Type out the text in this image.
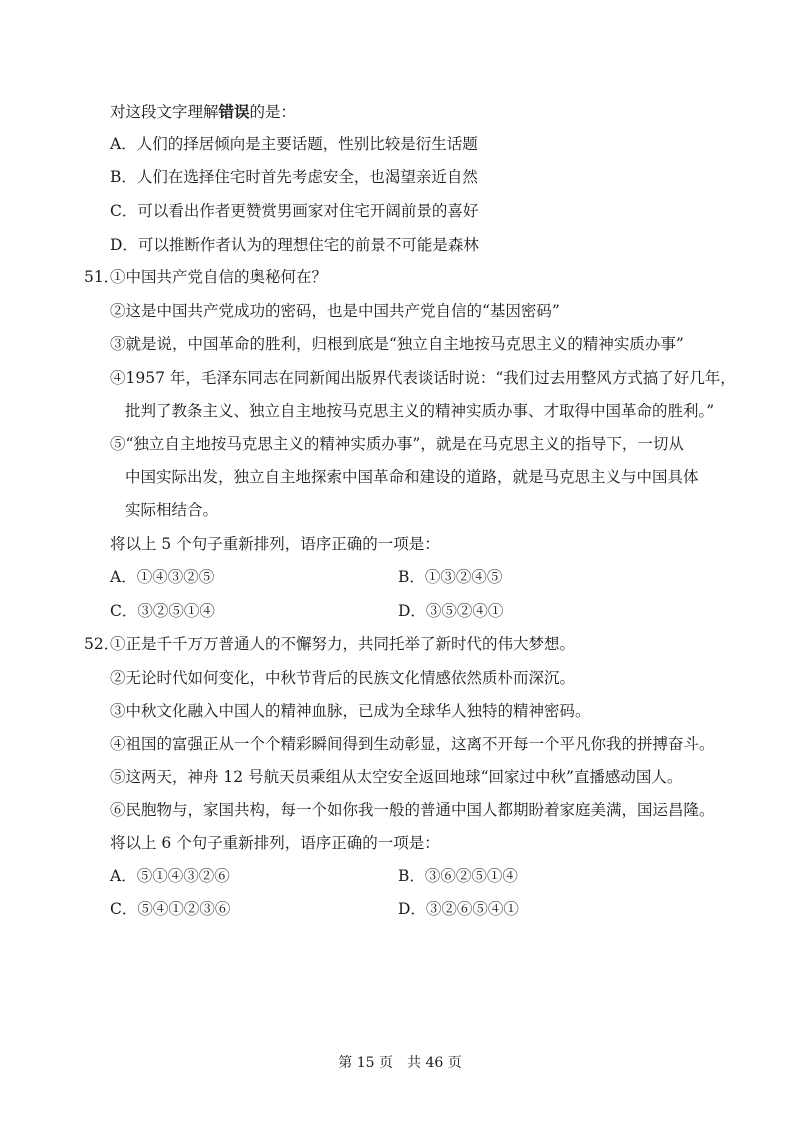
对这段文字理解错误的是：
A．人们的择居倾向是主要话题，性别比较是衍生话题
B．人们在选择住宅时首先考虑安全，也渴望亲近自然
C．可以看出作者更赞赏男画家对住宅开阔前景的喜好
D．可以推断作者认为的理想住宅的前景不可能是森林
51．
①中国共产党自信的奥秘何在？
②这是中国共产党成功的密码，也是中国共产党自信的“基因密码”
③就是说，中国革命的胜利，归根到底是“独立自主地按马克思主义的精神实质办事”
④1957 年，毛泽东同志在同新闻出版界代表谈话时说：“我们过去用整风方式搞了好几年，
批判了教条主义、独立自主地按马克思主义的精神实质办事、才取得中国革命的胜利。”
⑤“独立自主地按马克思主义的精神实质办事”，就是在马克思主义的指导下，一切从
中国实际出发，独立自主地探索中国革命和建设的道路，就是马克思主义与中国具体
实际相结合。
将以上 5 个句子重新排列，语序正确的一项是：
A．①④③②⑤	B．①③②④⑤
C．③②⑤①④	D．③⑤②④①
52．
①正是千千万万普通人的不懈努力，共同托举了新时代的伟大梦想。
②无论时代如何变化，中秋节背后的民族文化情感依然质朴而深沉。
③中秋文化融入中国人的精神血脉，已成为全球华人独特的精神密码。
④祖国的富强正从一个个精彩瞬间得到生动彰显，这离不开每一个平凡你我的拼搏奋斗。
⑤这两天，神舟 12 号航天员乘组从太空安全返回地球“回家过中秋”直播感动国人。
⑥民胞物与，家国共构，每一个如你我一般的普通中国人都期盼着家庭美满，国运昌隆。
将以上 6 个句子重新排列，语序正确的一项是：
A．⑤①④③②⑥	B．③⑥②⑤①④
C．⑤④①②③⑥	D．③②⑥⑤④①
第 15 页　共 46 页
